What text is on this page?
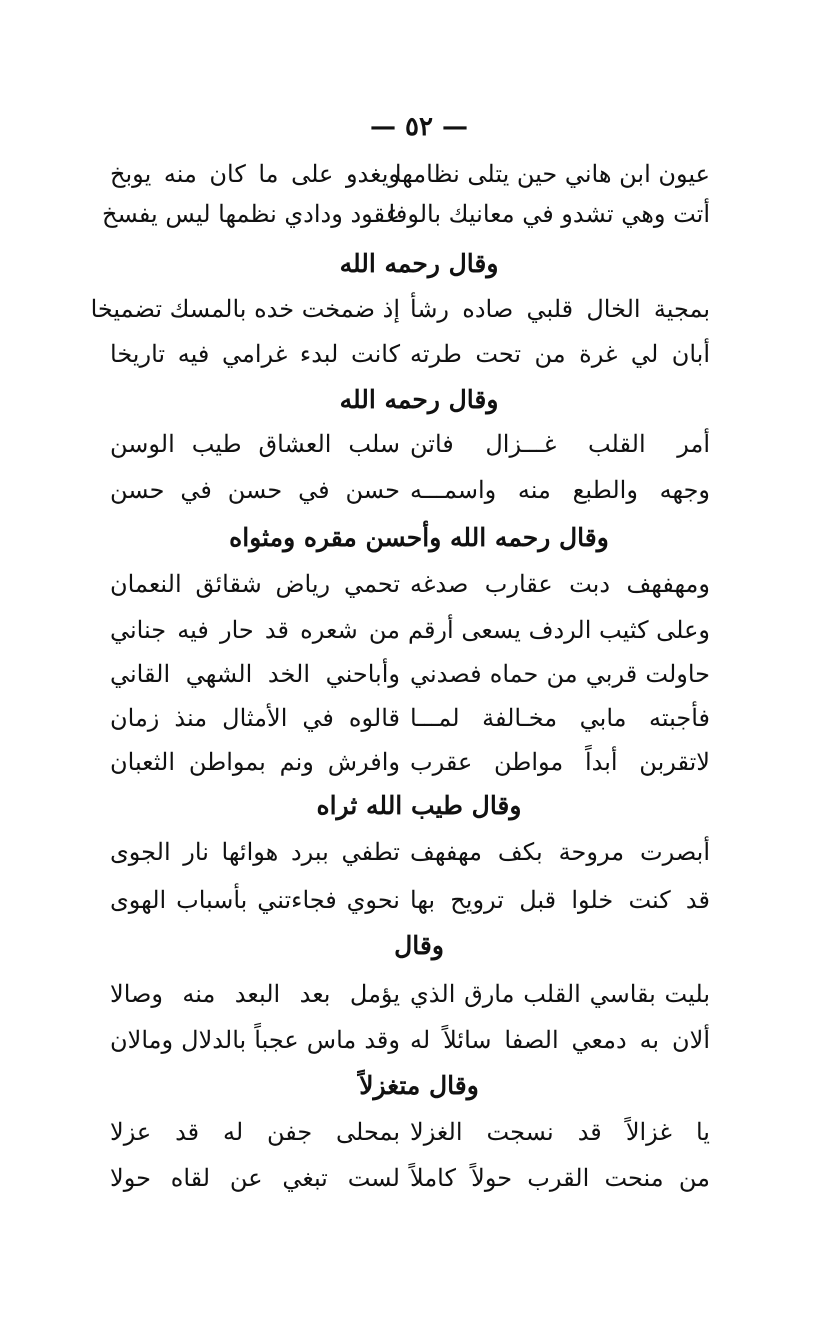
— ٥٢ —
عيون ابن هاني حين يتلى نظامها
ويغدو على ما كان منه يوبخ
أتت وهي تشدو في معانيك بالوفا
عقود ودادي نظمها ليس يفسخ
وقال رحمه الله
بمجية الخال قلبي صاده رشأ
إذ ضمخت خده بالمسك تضميخا
أبان لي غرة من تحت طرته
كانت لبدء غرامي فيه تاريخا
وقال رحمه الله
أمر القلب غـــزال فاتن
سلب العشاق طيب الوسن
وجهه والطبع منه واسمـــه
حسن في حسن في حسن
وقال رحمه الله وأحسن مقره ومثواه
ومهفهف دبت عقارب صدغه
تحمي رياض شقائق النعمان
وعلى كثيب الردف يسعى أرقم
من شعره قد حار فيه جناني
حاولت قربي من حماه فصدني
وأباحني الخد الشهي القاني
فأجبته مابي مخـالفة لمـــا
قالوه في الأمثال منذ زمان
لاتقربن أبداً مواطن عقرب
وافرش ونم بمواطن الثعبان
وقال طيب الله ثراه
أبصرت مروحة بكف مهفهف
تطفي ببرد هوائها نار الجوى
قد كنت خلوا قبل ترويح بها
نحوي فجاءتني بأسباب الهوى
وقال
بليت بقاسي القلب مارق الذي
يؤمل بعد البعد منه وصالا
ألان به دمعي الصفا سائلاً له
وقد ماس عجباً بالدلال ومالان
وقال متغزلاً
يا غزالاً قد نسجت الغزلا
بمحلى جفن له قد عزلا
من منحت القرب حولاً كاملاً
لست تبغي عن لقاه حولا
